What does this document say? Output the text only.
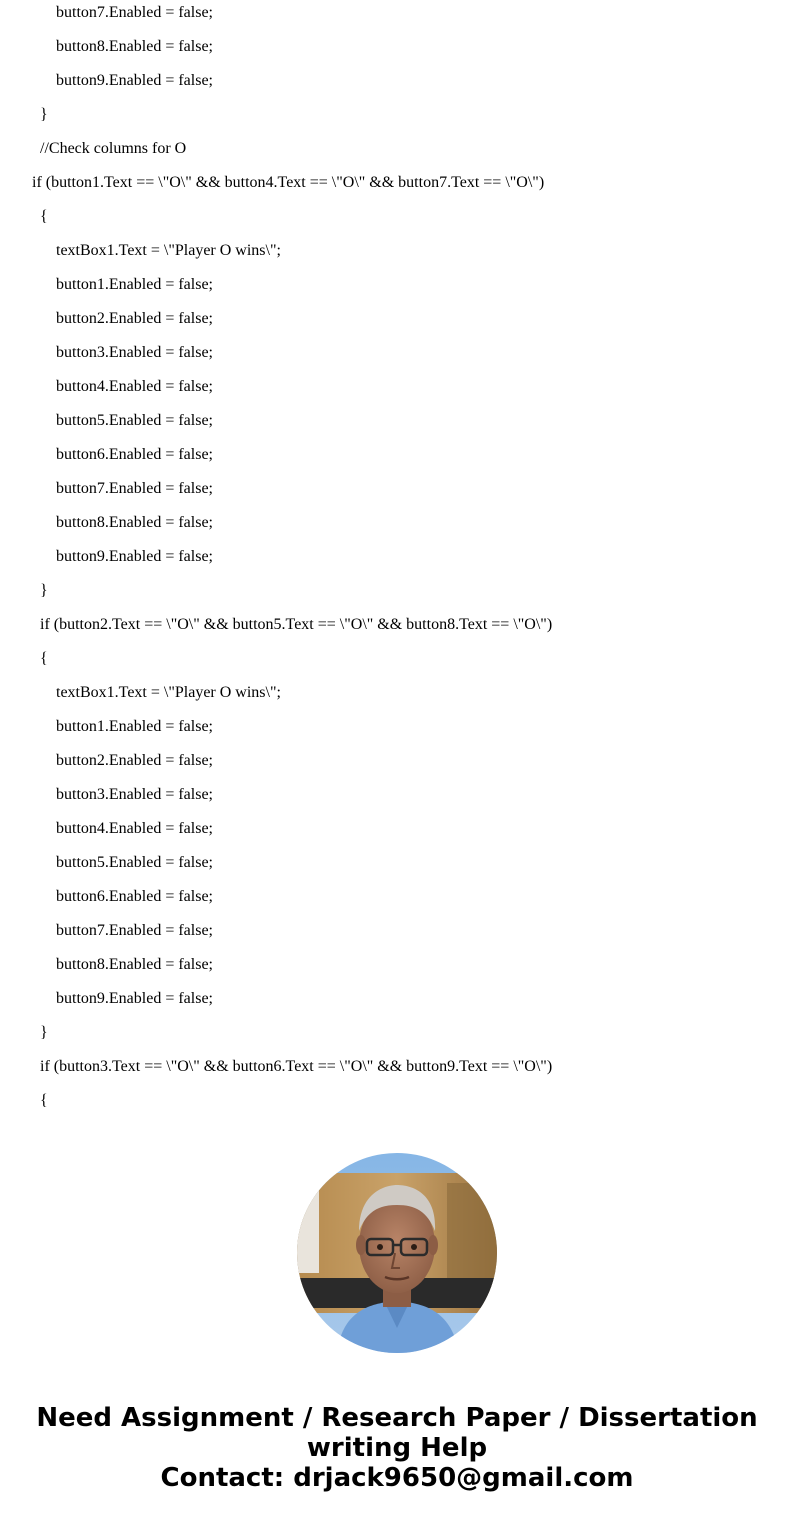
button7.Enabled = false;
button8.Enabled = false;
button9.Enabled = false;
}
//Check columns for O
if (button1.Text == \"O\" && button4.Text == \"O\" && button7.Text == \"O\")
{
textBox1.Text = \"Player O wins\";
button1.Enabled = false;
button2.Enabled = false;
button3.Enabled = false;
button4.Enabled = false;
button5.Enabled = false;
button6.Enabled = false;
button7.Enabled = false;
button8.Enabled = false;
button9.Enabled = false;
}
if (button2.Text == \"O\" && button5.Text == \"O\" && button8.Text == \"O\")
{
textBox1.Text = \"Player O wins\";
button1.Enabled = false;
button2.Enabled = false;
button3.Enabled = false;
button4.Enabled = false;
button5.Enabled = false;
button6.Enabled = false;
button7.Enabled = false;
button8.Enabled = false;
button9.Enabled = false;
}
if (button3.Text == \"O\" && button6.Text == \"O\" && button9.Text == \"O\")
{
Need Assignment / Research Paper / Dissertation
writing Help
Contact: drjack9650@gmail.com
